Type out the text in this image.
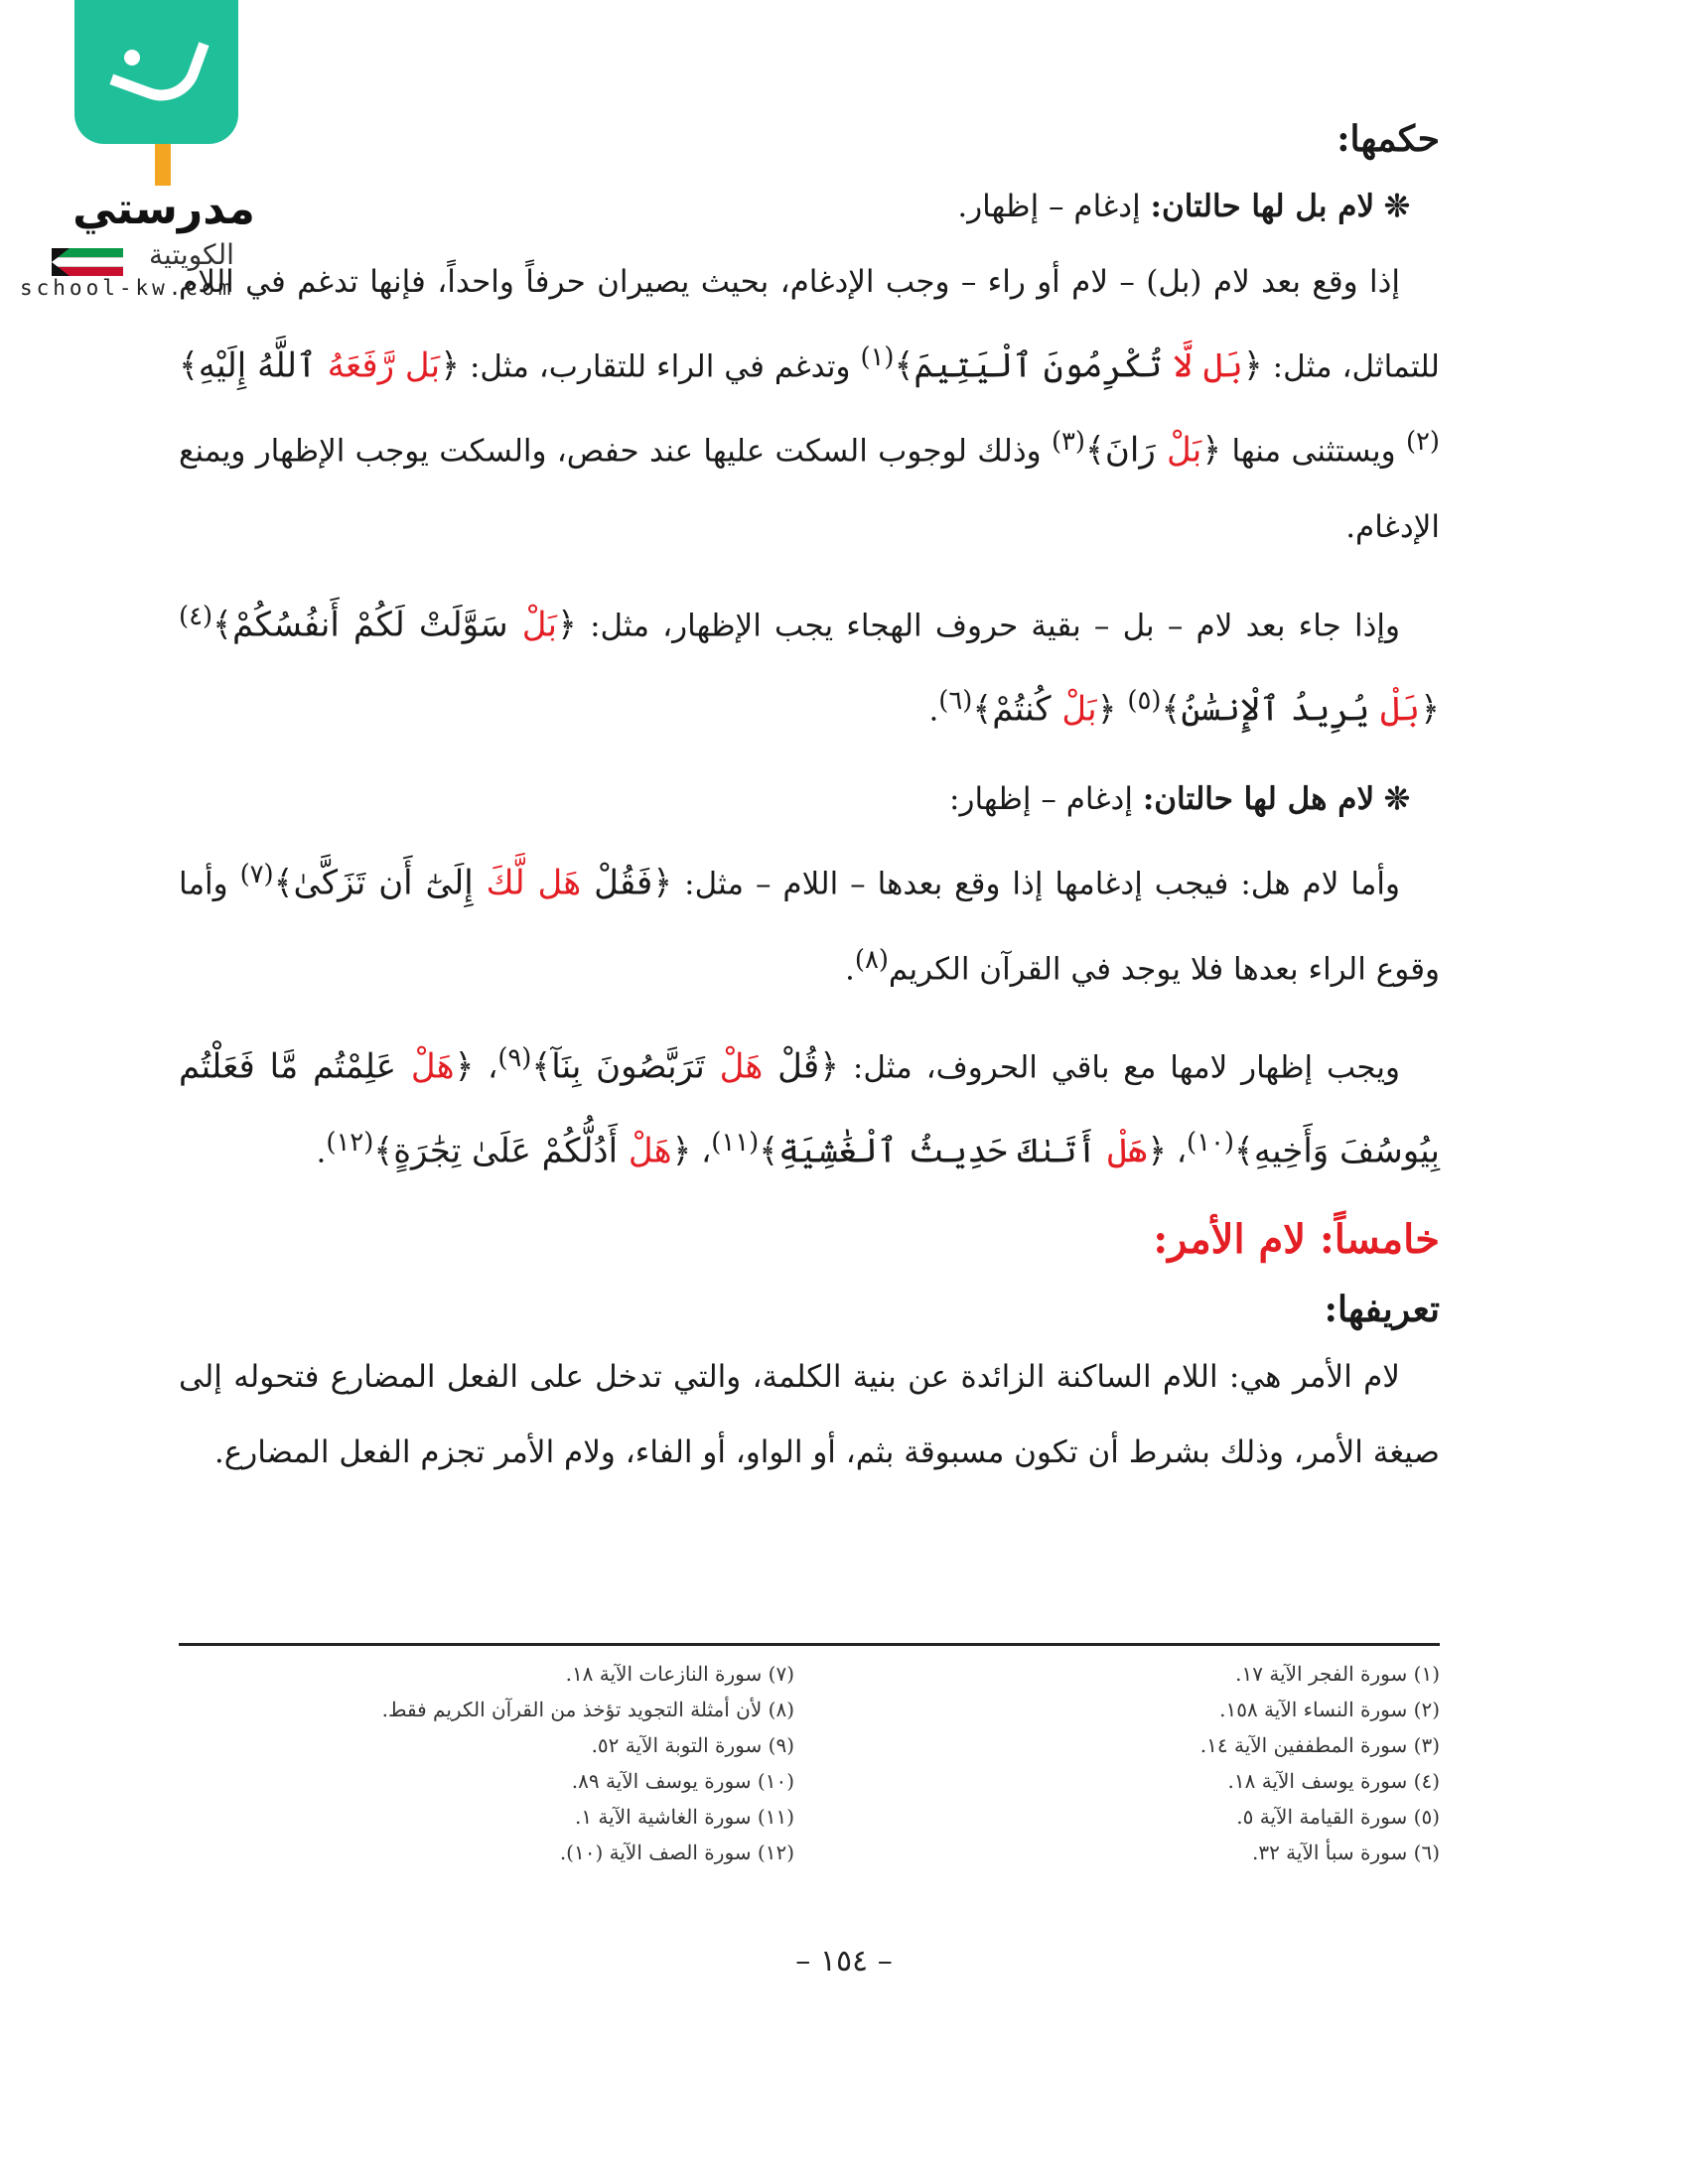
مدرستي
الكويتية
school-kw.com
حكمها:

❊ لام بل لها حالتان: إدغام – إظهار.

إذا وقع بعد لام (بل) – لام أو راء – وجب الإدغام، بحيث يصيران حرفاً واحداً، فإنها تدغم في اللام للتماثل، مثل: ﴿بَل لَّا تُكْرِمُونَ ٱلْيَتِيمَ﴾$^{(١)}$ وتدغم في الراء للتقارب، مثل: ﴿بَل رَّفَعَهُ ٱللَّهُ إِلَيْهِ﴾$^{(٢)}$ ويستثنى منها ﴿بَلْ رَانَ﴾$^{(٣)}$ وذلك لوجوب السكت عليها عند حفص، والسكت يوجب الإظهار ويمنع الإدغام.

وإذا جاء بعد لام – بل – بقية حروف الهجاء يجب الإظهار، مثل: ﴿بَلْ سَوَّلَتْ لَكُمْ أَنفُسُكُمْ﴾$^{(٤)}$ ﴿بَلْ يُرِيدُ ٱلْإِنسَٰنُ﴾$^{(٥)}$ ﴿بَلْ كُنتُمْ﴾$^{(٦)}$.

❊ لام هل لها حالتان: إدغام – إظهار:

وأما لام هل: فيجب إدغامها إذا وقع بعدها – اللام – مثل: ﴿فَقُلْ هَل لَّكَ إِلَىٰٓ أَن تَزَكَّىٰ﴾$^{(٧)}$ وأما وقوع الراء بعدها فلا يوجد في القرآن الكريم$^{(٨)}$.

ويجب إظهار لامها مع باقي الحروف، مثل: ﴿قُلْ هَلْ تَرَبَّصُونَ بِنَآ﴾$^{(٩)}$، ﴿هَلْ عَلِمْتُم مَّا فَعَلْتُم بِيُوسُفَ وَأَخِيهِ﴾$^{(١٠)}$، ﴿هَلْ أَتَىٰكَ حَدِيثُ ٱلْغَٰشِيَةِ﴾$^{(١١)}$، ﴿هَلْ أَدُلُّكُمْ عَلَىٰ تِجَٰرَةٍ﴾$^{(١٢)}$.

خامساً: لام الأمر:
تعريفها:

لام الأمر هي: اللام الساكنة الزائدة عن بنية الكلمة، والتي تدخل على الفعل المضارع فتحوله إلى صيغة الأمر، وذلك بشرط أن تكون مسبوقة بثم، أو الواو، أو الفاء، ولام الأمر تجزم الفعل المضارع.

(١) سورة الفجر الآية ١٧.
(٢) سورة النساء الآية ١٥٨.
(٣) سورة المطففين الآية ١٤.
(٤) سورة يوسف الآية ١٨.
(٥) سورة القيامة الآية ٥.
(٦) سورة سبأ الآية ٣٢.
(٧) سورة النازعات الآية ١٨.
(٨) لأن أمثلة التجويد تؤخذ من القرآن الكريم فقط.
(٩) سورة التوبة الآية ٥٢.
(١٠) سورة يوسف الآية ٨٩.
(١١) سورة الغاشية الآية ١.
(١٢) سورة الصف الآية (١٠).
– ١٥٤ –
